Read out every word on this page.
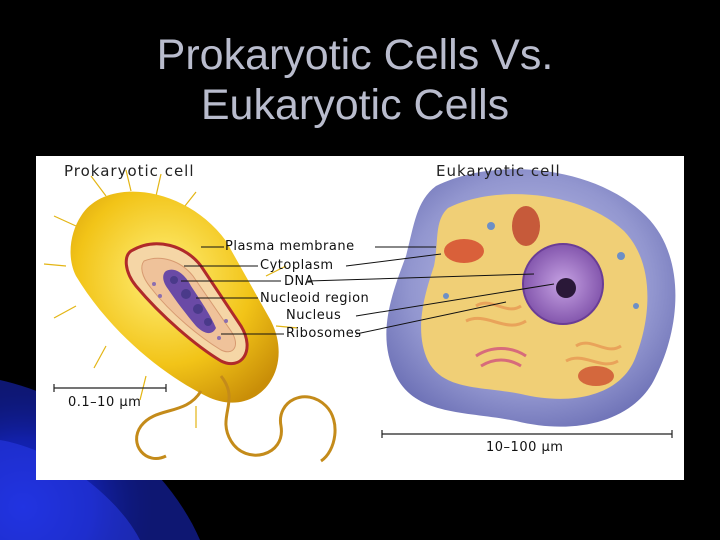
Prokaryotic Cells Vs.
Eukaryotic Cells
Prokaryotic cell	Eukaryotic cell
Plasma membrane
Cytoplasm
DNA
Nucleoid region
Nucleus
Ribosomes
0.1–10 µm
10–100 µm
